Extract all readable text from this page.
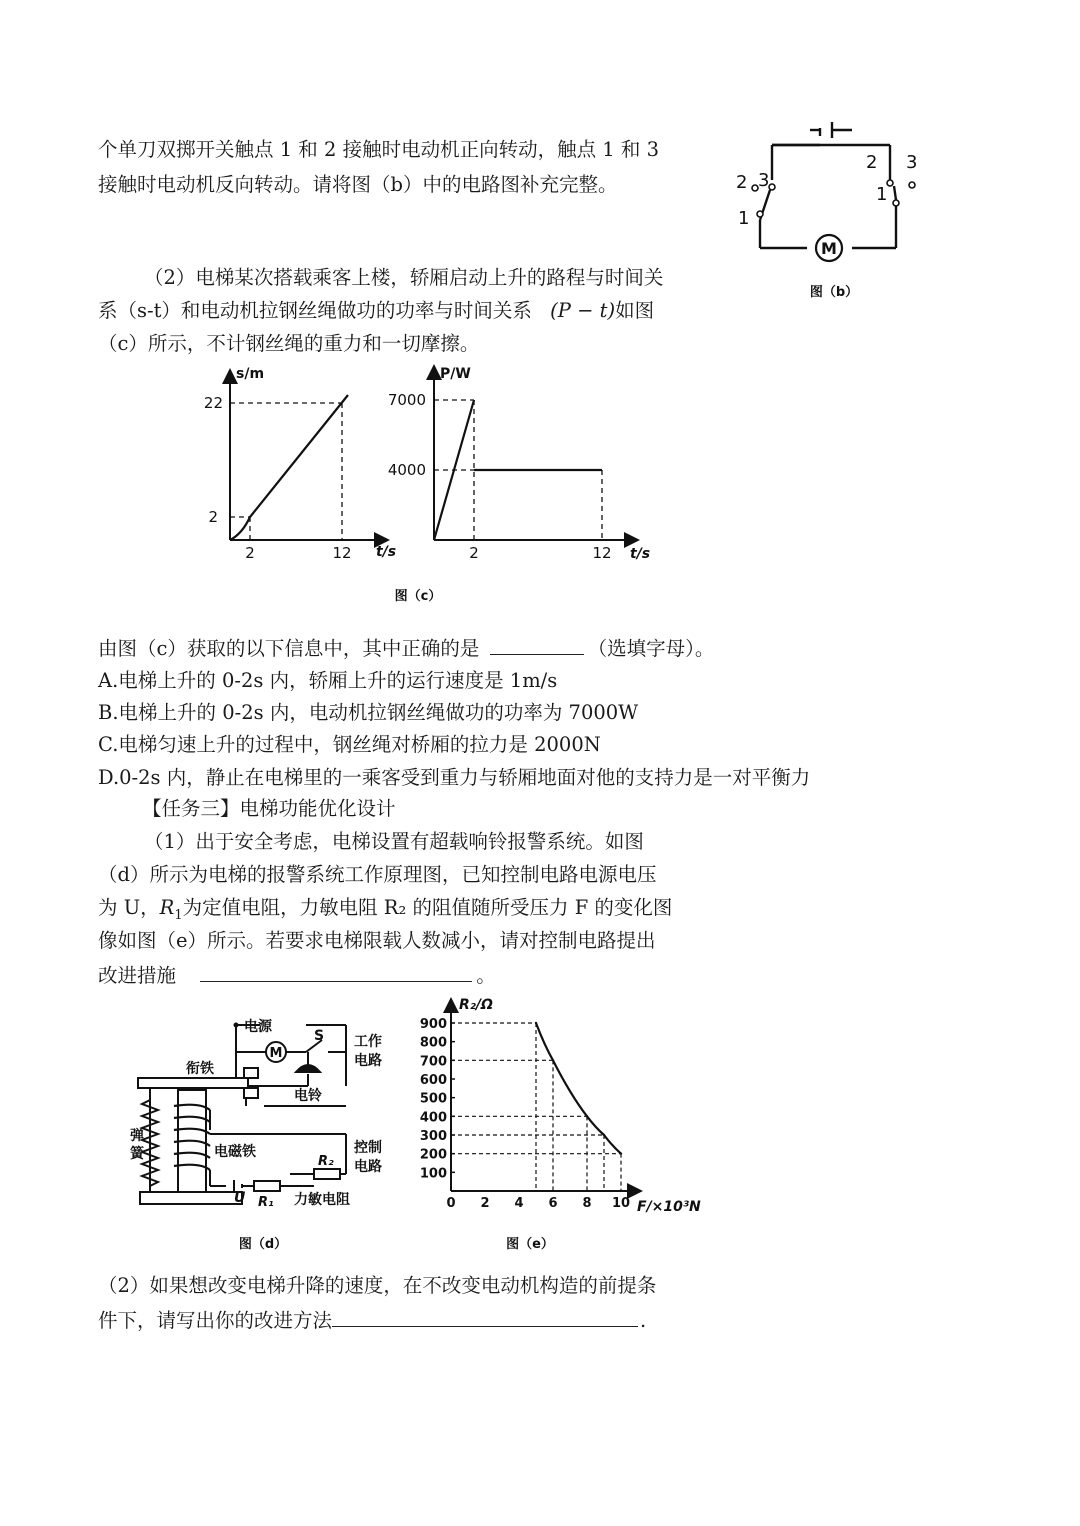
个单刀双掷开关触点 1 和 2 接触时电动机正向转动，触点 1 和 3
接触时电动机反向转动。请将图（b）中的电路图补充完整。
M
2 3
1
2 3
1
图（b）
（2）电梯某次搭载乘客上楼，轿厢启动上升的路程与时间关
系（s-t）和电动机拉钢丝绳做功的功率与时间关系 (P − t)如图
（c）所示，不计钢丝绳的重力和一切摩擦。
s/m
t/s
22
2
2	12
P/W
t/s
7000
4000
2	12
图（c）
由图（c）获取的以下信息中，其中正确的是	（选填字母）。
A.电梯上升的 0-2s 内，轿厢上升的运行速度是 1m/s
B.电梯上升的 0-2s 内，电动机拉钢丝绳做功的功率为 7000W
C.电梯匀速上升的过程中，钢丝绳对桥厢的拉力是 2000N
D.0-2s 内，静止在电梯里的一乘客受到重力与轿厢地面对他的支持力是一对平衡力
【任务三】电梯功能优化设计
（1）出于安全考虑，电梯设置有超载响铃报警系统。如图
（d）所示为电梯的报警系统工作原理图，已知控制电路电源电压
为 U，$R_1$为定值电阻，力敏电阻 R₂ 的阻值随所受压力 F 的变化图
像如图（e）所示。若要求电梯限载人数减小，请对控制电路提出
改进措施	。
M
电源
S 工作
电路
衔铁
电铃
弹
簧	电磁铁	控制
电路
R₂
U R₁ 力敏电阻
图（d）
900
800
700
600
500
400
300
200
100
0 2 4 6 8 10
R₂/Ω
F/×10³N
图（e）
（2）如果想改变电梯升降的速度，在不改变电动机构造的前提条
件下，请写出你的改进方法	.
